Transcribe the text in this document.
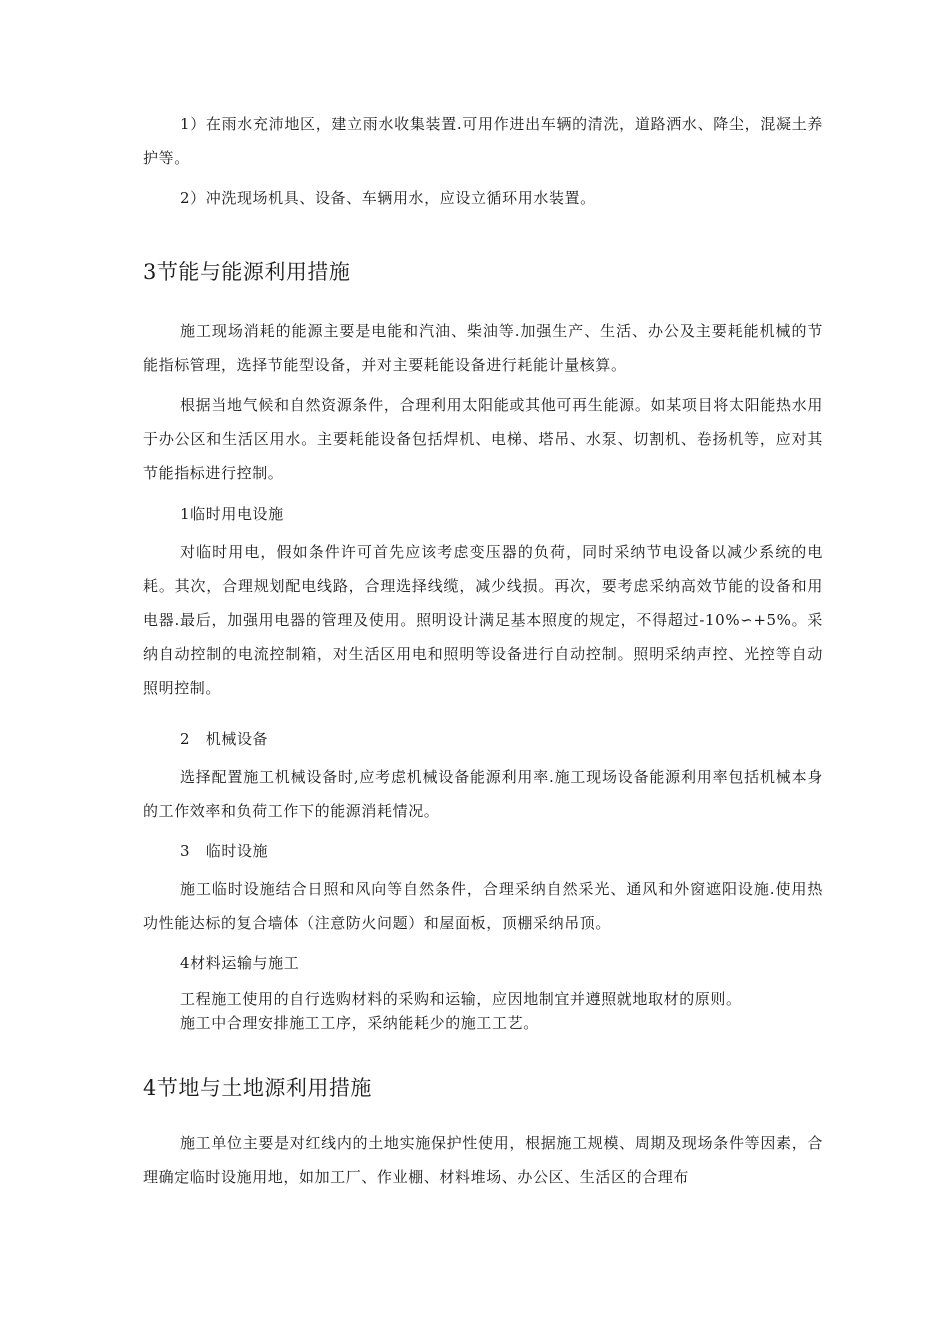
1）在雨水充沛地区，建立雨水收集装置.可用作进出车辆的清洗，道路洒水、降尘，混凝土养护等。

2）冲洗现场机具、设备、车辆用水，应设立循环用水装置。

3节能与能源利用措施

施工现场消耗的能源主要是电能和汽油、柴油等.加强生产、生活、办公及主要耗能机械的节能指标管理，选择节能型设备，并对主要耗能设备进行耗能计量核算。

根据当地气候和自然资源条件，合理利用太阳能或其他可再生能源。如某项目将太阳能热水用于办公区和生活区用水。主要耗能设备包括焊机、电梯、塔吊、水泵、切割机、卷扬机等，应对其节能指标进行控制。

1临时用电设施

对临时用电，假如条件许可首先应该考虑变压器的负荷，同时采纳节电设备以减少系统的电耗。其次，合理规划配电线路，合理选择线缆，减少线损。再次，要考虑采纳高效节能的设备和用电器.最后，加强用电器的管理及使用。照明设计满足基本照度的规定，不得超过-10%∽+5%。采纳自动控制的电流控制箱，对生活区用电和照明等设备进行自动控制。照明采纳声控、光控等自动照明控制。

2　机械设备

选择配置施工机械设备时,应考虑机械设备能源利用率.施工现场设备能源利用率包括机械本身的工作效率和负荷工作下的能源消耗情况。

3　临时设施

施工临时设施结合日照和风向等自然条件，合理采纳自然采光、通风和外窗遮阳设施.使用热功性能达标的复合墙体（注意防火问题）和屋面板，顶棚采纳吊顶。

4材料运输与施工

工程施工使用的自行选购材料的采购和运输，应因地制宜并遵照就地取材的原则。

施工中合理安排施工工序，采纳能耗少的施工工艺。

4节地与土地源利用措施

施工单位主要是对红线内的土地实施保护性使用，根据施工规模、周期及现场条件等因素，合理确定临时设施用地，如加工厂、作业棚、材料堆场、办公区、生活区的合理布
